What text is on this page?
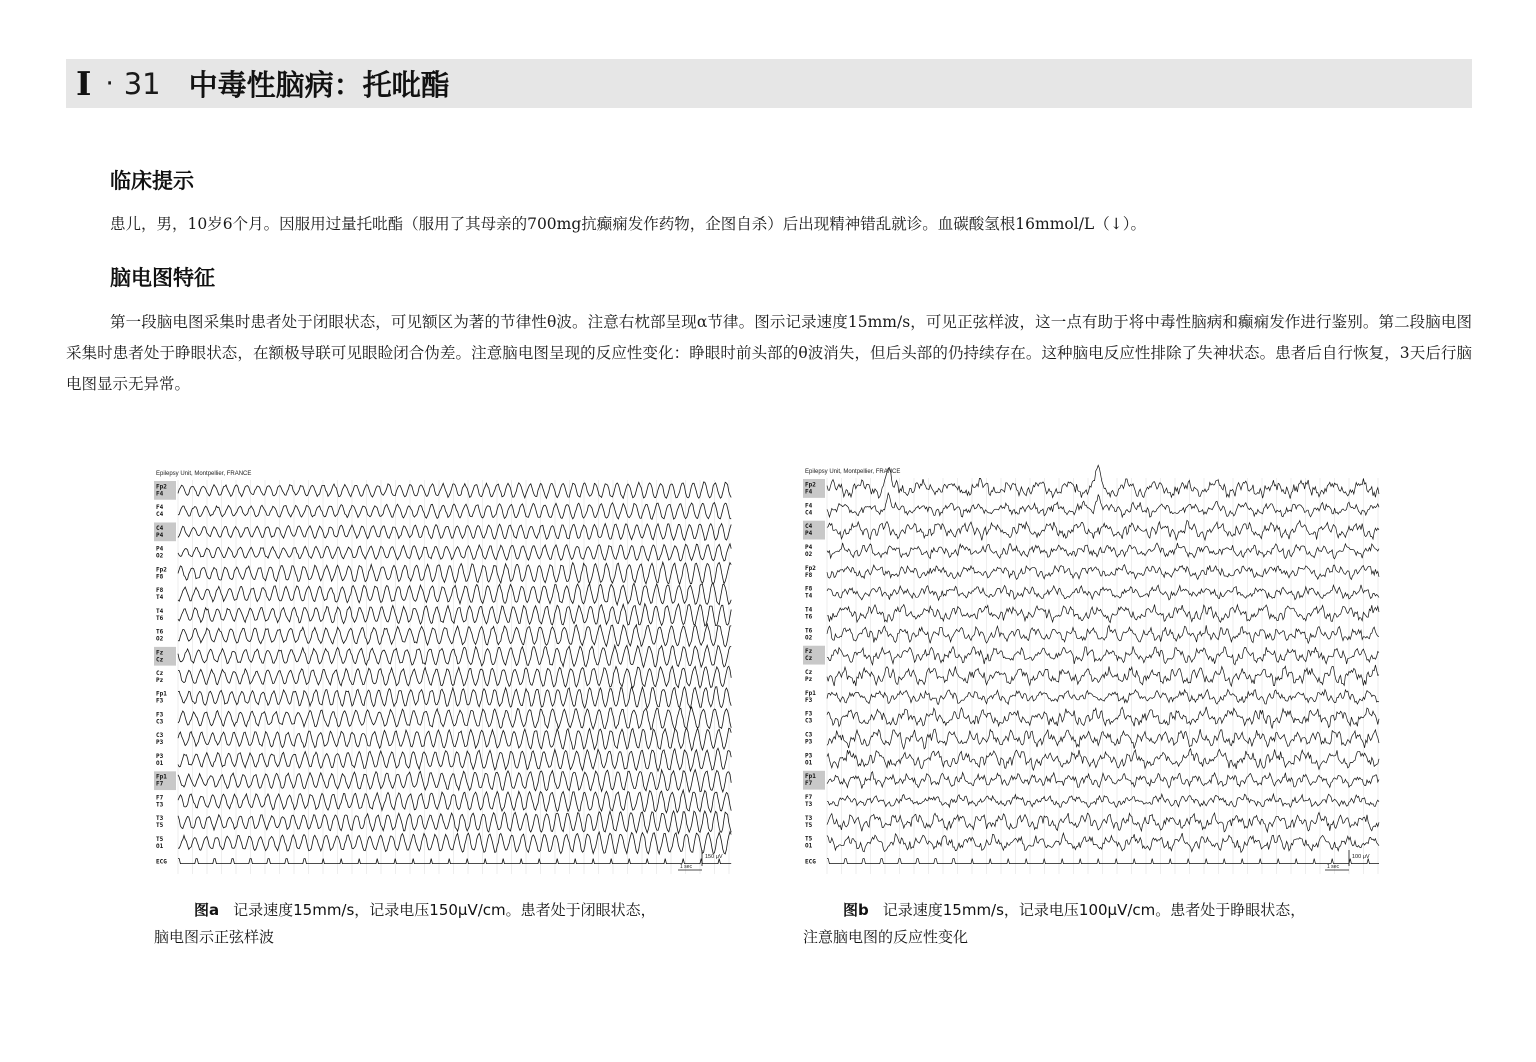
I · 31 中毒性脑病：托吡酯
临床提示

患儿，男，10岁6个月。因服用过量托吡酯（服用了其母亲的700mg抗癫痫发作药物，企图自杀）后出现精神错乱就诊。血碳酸氢根16mmol/L（↓）。

脑电图特征

第一段脑电图采集时患者处于闭眼状态，可见额区为著的节律性θ波。注意右枕部呈现α节律。图示记录速度15mm/s，可见正弦样波，这一点有助于将中毒性脑病和癫痫发作进行鉴别。第二段脑电图采集时患者处于睁眼状态，在额极导联可见眼睑闭合伪差。注意脑电图呈现的反应性变化：睁眼时前头部的θ波消失，但后头部的仍持续存在。这种脑电反应性排除了失神状态。患者后自行恢复，3天后行脑电图显示无异常。

Epilepsy Unit, Montpellier, FRANCE
Fp2
F4
F4
C4
C4
P4
P4
O2
Fp2
F8
F8
T4
T4
T6
T6
O2
Fz
Cz
Cz
Pz
Fp1
F3
F3
C3
C3
P3
P3
O1
Fp1
F7
F7
T3
T3
T5
T5
O1
ECG
150 μV
1 sec

图a 记录速度15mm/s，记录电压150μV/cm。患者处于闭眼状态，

脑电图示正弦样波

Epilepsy Unit, Montpellier, FRANCE
Fp2
F4
F4
C4
C4
P4
P4
O2
Fp2
F8
F8
T4
T4
T6
T6
O2
Fz
Cz
Cz
Pz
Fp1
F3
F3
C3
C3
P3
P3
O1
Fp1
F7
F7
T3
T3
T5
T5
O1
ECG
100 μV
1 sec

图b 记录速度15mm/s，记录电压100μV/cm。患者处于睁眼状态，

注意脑电图的反应性变化
